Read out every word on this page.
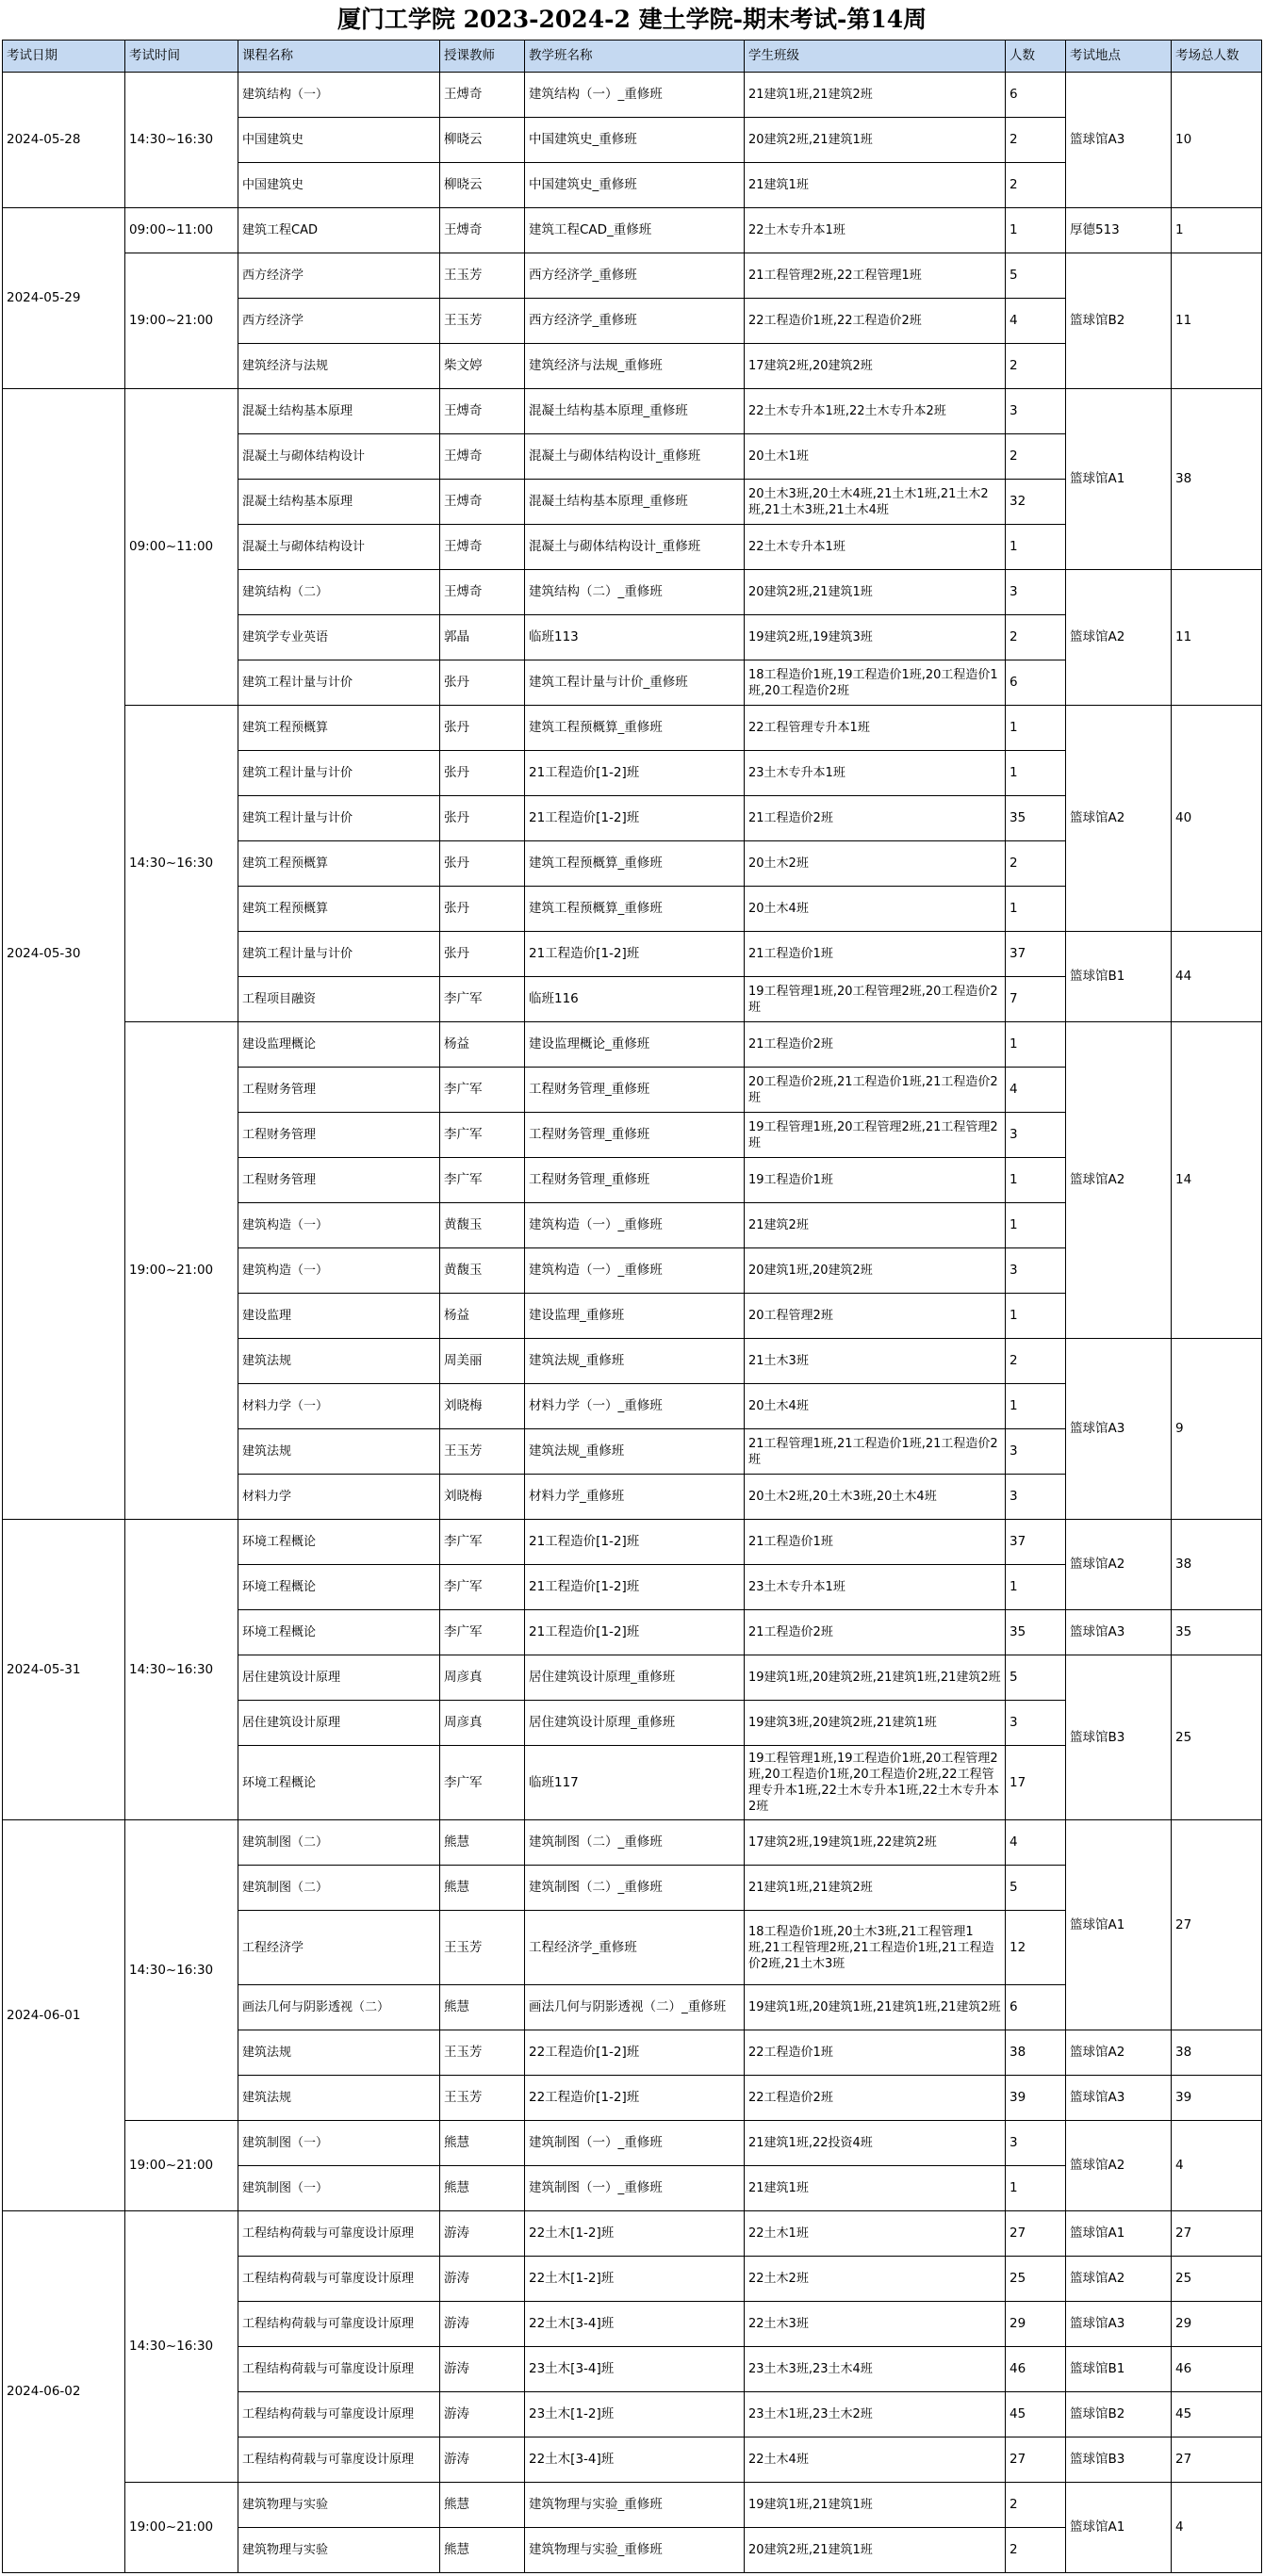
厦门工学院 2023-2024-2 建土学院-期末考试-第14周
考试日期	考试时间	课程名称	授课教师	教学班名称	学生班级	人数	考试地点	考场总人数
2024-05-28	14:30~16:30	建筑结构（一）	王煿奇	建筑结构（一）_重修班	21建筑1班,21建筑2班	6	篮球馆A3	10
		中国建筑史	柳晓云	中国建筑史_重修班	20建筑2班,21建筑1班	2		
		中国建筑史	柳晓云	中国建筑史_重修班	21建筑1班	2		
2024-05-29	09:00~11:00	建筑工程CAD	王煿奇	建筑工程CAD_重修班	22土木专升本1班	1	厚德513	1
	19:00~21:00	西方经济学	王玉芳	西方经济学_重修班	21工程管理2班,22工程管理1班	5	篮球馆B2	11
		西方经济学	王玉芳	西方经济学_重修班	22工程造价1班,22工程造价2班	4		
		建筑经济与法规	柴文婷	建筑经济与法规_重修班	17建筑2班,20建筑2班	2		
2024-05-30	09:00~11:00	混凝土结构基本原理	王煿奇	混凝土结构基本原理_重修班	22土木专升本1班,22土木专升本2班	3	篮球馆A1	38
		混凝土与砌体结构设计	王煿奇	混凝土与砌体结构设计_重修班	20土木1班	2		
		混凝土结构基本原理	王煿奇	混凝土结构基本原理_重修班	20土木3班,20土木4班,21土木1班,21土木2班,21土木3班,21土木4班	32		
		混凝土与砌体结构设计	王煿奇	混凝土与砌体结构设计_重修班	22土木专升本1班	1		
		建筑结构（二）	王煿奇	建筑结构（二）_重修班	20建筑2班,21建筑1班	3	篮球馆A2	11
		建筑学专业英语	郭晶	临班113	19建筑2班,19建筑3班	2		
		建筑工程计量与计价	张丹	建筑工程计量与计价_重修班	18工程造价1班,19工程造价1班,20工程造价1班,20工程造价2班	6		
	14:30~16:30	建筑工程预概算	张丹	建筑工程预概算_重修班	22工程管理专升本1班	1	篮球馆A2	40
		建筑工程计量与计价	张丹	21工程造价[1-2]班	23土木专升本1班	1		
		建筑工程计量与计价	张丹	21工程造价[1-2]班	21工程造价2班	35		
		建筑工程预概算	张丹	建筑工程预概算_重修班	20土木2班	2		
		建筑工程预概算	张丹	建筑工程预概算_重修班	20土木4班	1		
		建筑工程计量与计价	张丹	21工程造价[1-2]班	21工程造价1班	37	篮球馆B1	44
		工程项目融资	李广军	临班116	19工程管理1班,20工程管理2班,20工程造价2班	7		
	19:00~21:00	建设监理概论	杨益	建设监理概论_重修班	21工程造价2班	1	篮球馆A2	14
		工程财务管理	李广军	工程财务管理_重修班	20工程造价2班,21工程造价1班,21工程造价2班	4		
		工程财务管理	李广军	工程财务管理_重修班	19工程管理1班,20工程管理2班,21工程管理2班	3		
		工程财务管理	李广军	工程财务管理_重修班	19工程造价1班	1		
		建筑构造（一）	黄馥玉	建筑构造（一）_重修班	21建筑2班	1		
		建筑构造（一）	黄馥玉	建筑构造（一）_重修班	20建筑1班,20建筑2班	3		
		建设监理	杨益	建设监理_重修班	20工程管理2班	1		
		建筑法规	周美丽	建筑法规_重修班	21土木3班	2	篮球馆A3	9
		材料力学（一）	刘晓梅	材料力学（一）_重修班	20土木4班	1		
		建筑法规	王玉芳	建筑法规_重修班	21工程管理1班,21工程造价1班,21工程造价2班	3		
		材料力学	刘晓梅	材料力学_重修班	20土木2班,20土木3班,20土木4班	3		
2024-05-31	14:30~16:30	环境工程概论	李广军	21工程造价[1-2]班	21工程造价1班	37	篮球馆A2	38
		环境工程概论	李广军	21工程造价[1-2]班	23土木专升本1班	1		
		环境工程概论	李广军	21工程造价[1-2]班	21工程造价2班	35	篮球馆A3	35
		居住建筑设计原理	周彦真	居住建筑设计原理_重修班	19建筑1班,20建筑2班,21建筑1班,21建筑2班	5	篮球馆B3	25
		居住建筑设计原理	周彦真	居住建筑设计原理_重修班	19建筑3班,20建筑2班,21建筑1班	3		
		环境工程概论	李广军	临班117	19工程管理1班,19工程造价1班,20工程管理2班,20工程造价1班,20工程造价2班,22工程管理专升本1班,22土木专升本1班,22土木专升本2班	17		
2024-06-01	14:30~16:30	建筑制图（二）	熊慧	建筑制图（二）_重修班	17建筑2班,19建筑1班,22建筑2班	4	篮球馆A1	27
		建筑制图（二）	熊慧	建筑制图（二）_重修班	21建筑1班,21建筑2班	5		
		工程经济学	王玉芳	工程经济学_重修班	18工程造价1班,20土木3班,21工程管理1班,21工程管理2班,21工程造价1班,21工程造价2班,21土木3班	12		
		画法几何与阴影透视（二）	熊慧	画法几何与阴影透视（二）_重修班	19建筑1班,20建筑1班,21建筑1班,21建筑2班	6		
		建筑法规	王玉芳	22工程造价[1-2]班	22工程造价1班	38	篮球馆A2	38
		建筑法规	王玉芳	22工程造价[1-2]班	22工程造价2班	39	篮球馆A3	39
	19:00~21:00	建筑制图（一）	熊慧	建筑制图（一）_重修班	21建筑1班,22投资4班	3	篮球馆A2	4
		建筑制图（一）	熊慧	建筑制图（一）_重修班	21建筑1班	1		
2024-06-02	14:30~16:30	工程结构荷载与可靠度设计原理	游涛	22土木[1-2]班	22土木1班	27	篮球馆A1	27
		工程结构荷载与可靠度设计原理	游涛	22土木[1-2]班	22土木2班	25	篮球馆A2	25
		工程结构荷载与可靠度设计原理	游涛	22土木[3-4]班	22土木3班	29	篮球馆A3	29
		工程结构荷载与可靠度设计原理	游涛	23土木[3-4]班	23土木3班,23土木4班	46	篮球馆B1	46
		工程结构荷载与可靠度设计原理	游涛	23土木[1-2]班	23土木1班,23土木2班	45	篮球馆B2	45
		工程结构荷载与可靠度设计原理	游涛	22土木[3-4]班	22土木4班	27	篮球馆B3	27
	19:00~21:00	建筑物理与实验	熊慧	建筑物理与实验_重修班	19建筑1班,21建筑1班	2	篮球馆A1	4
		建筑物理与实验	熊慧	建筑物理与实验_重修班	20建筑2班,21建筑1班	2		
